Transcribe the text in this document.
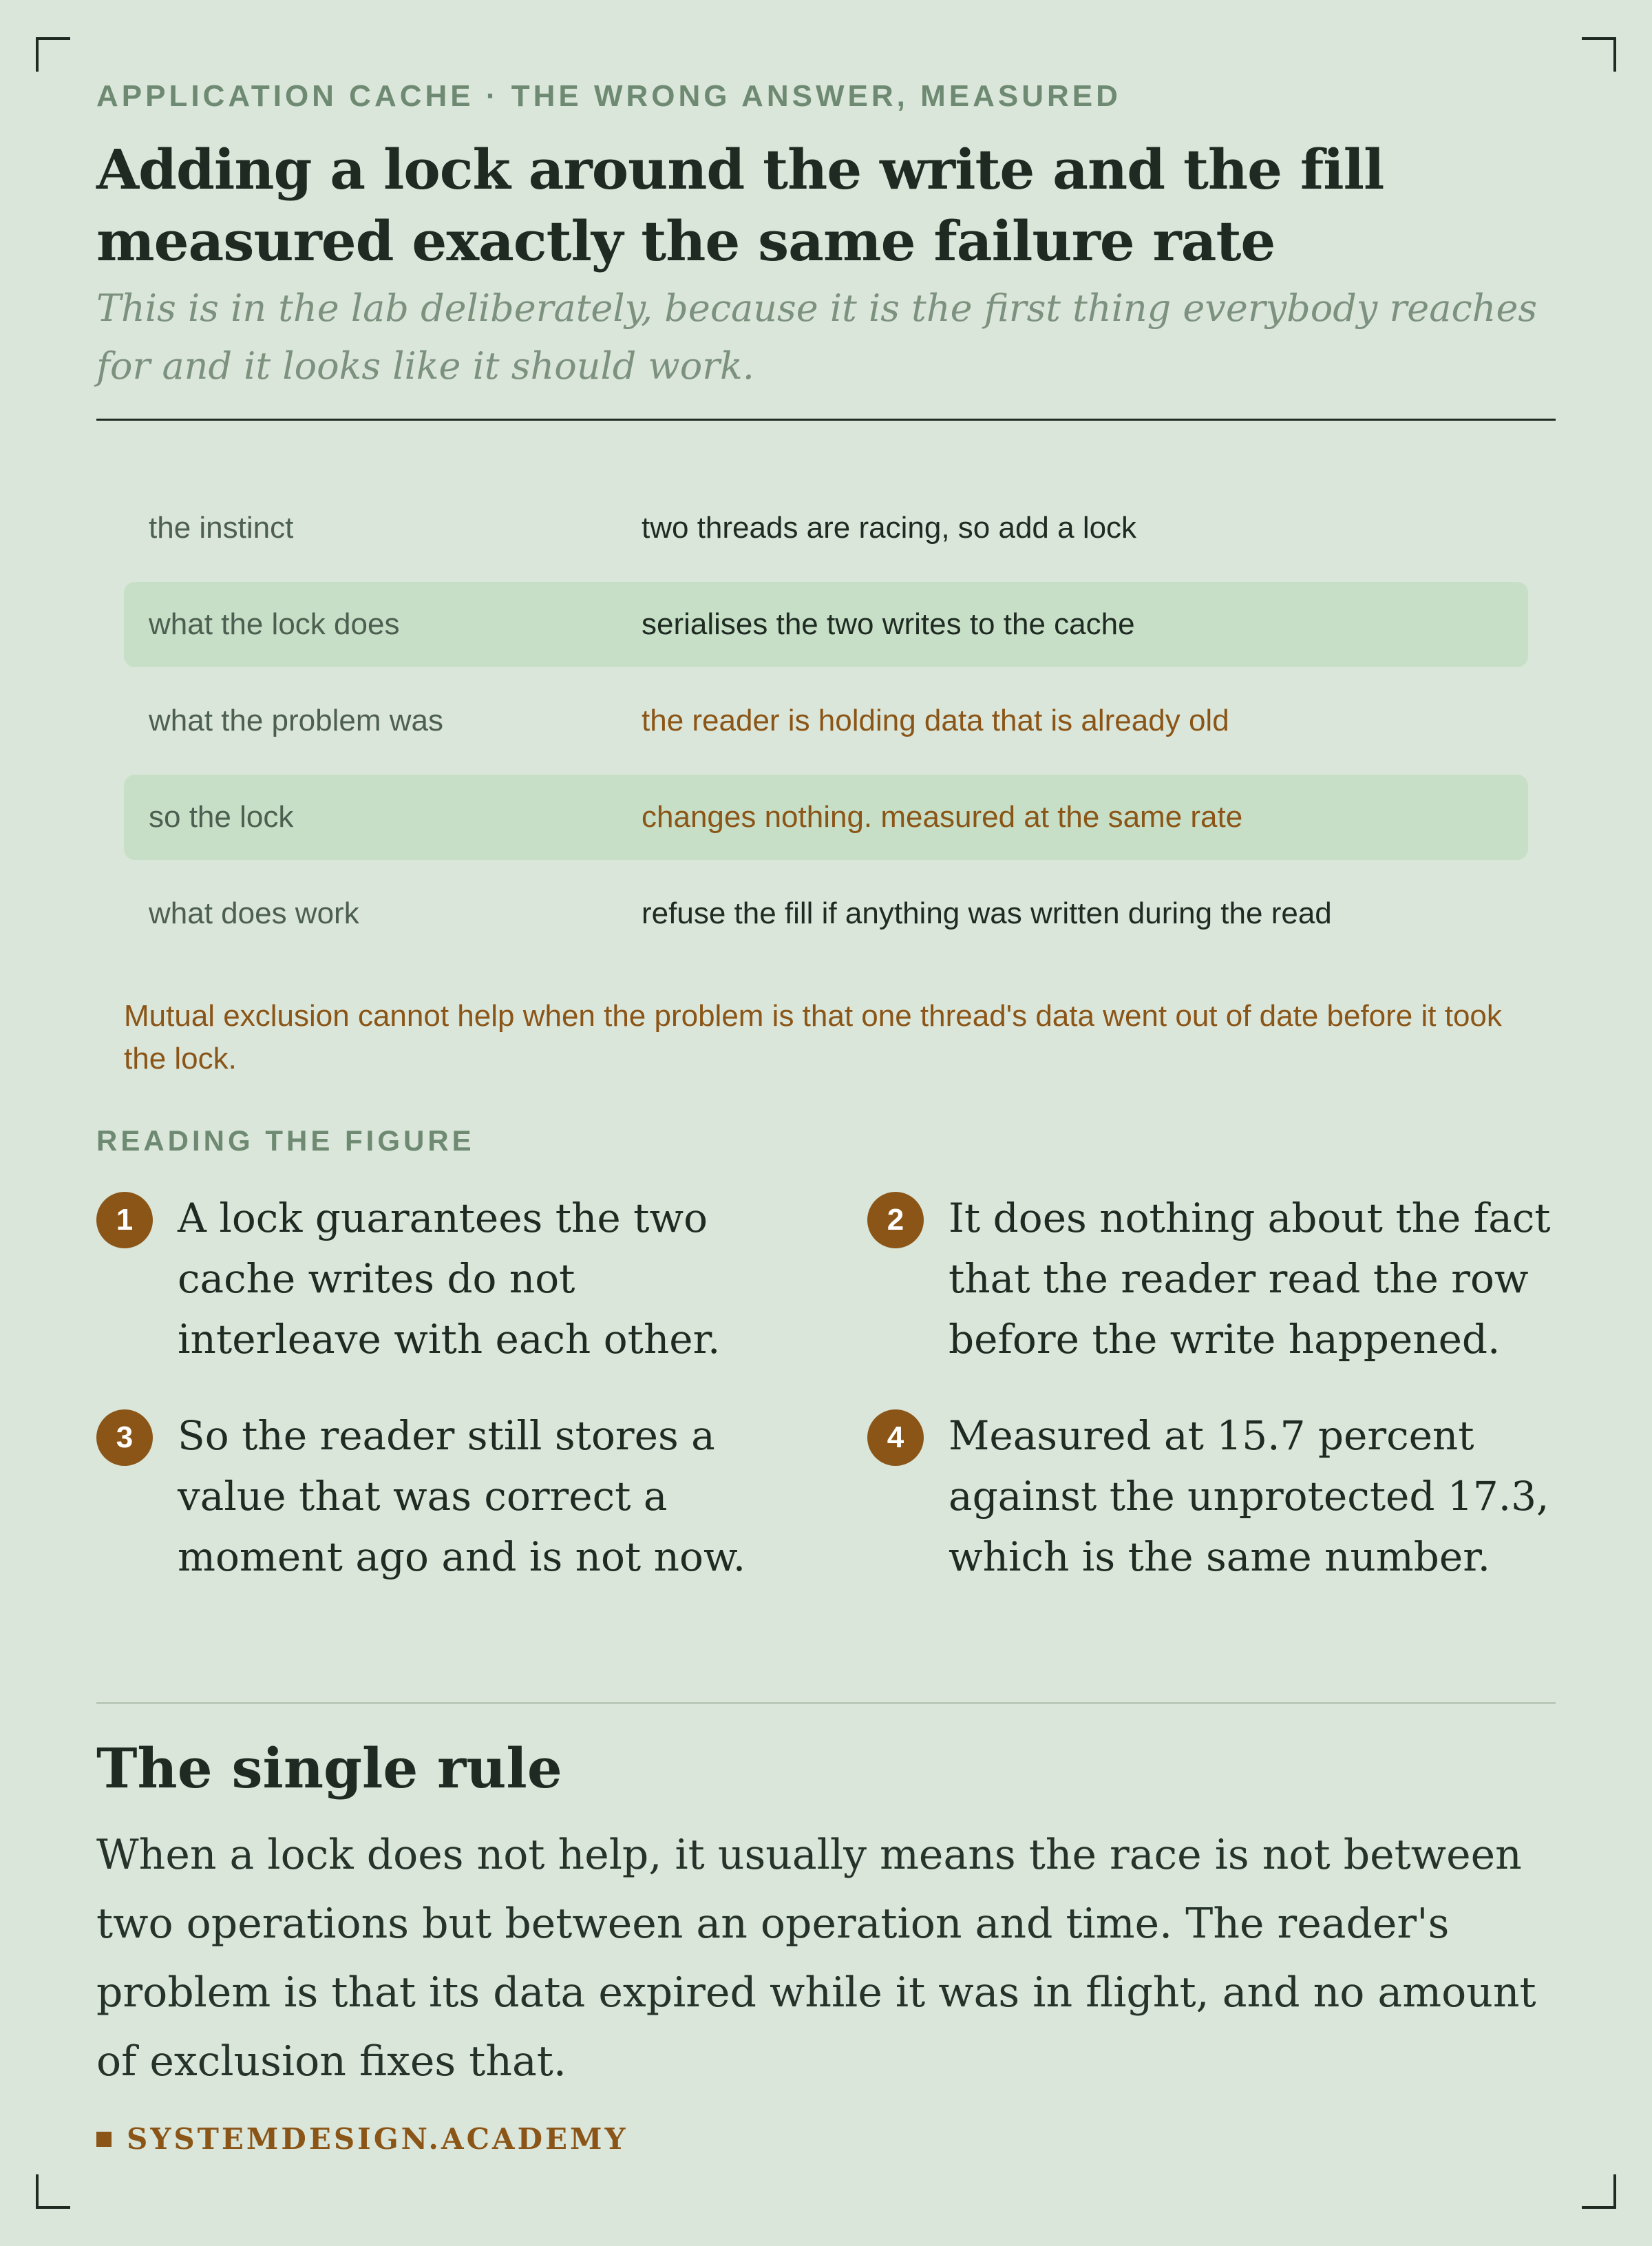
APPLICATION CACHE · THE WRONG ANSWER, MEASURED
Adding a lock around the write and the fill measured exactly the same failure rate
This is in the lab deliberately, because it is the first thing everybody reaches for and it looks like it should work.
the instinct	two threads are racing, so add a lock
what the lock does	serialises the two writes to the cache
what the problem was	the reader is holding data that is already old
so the lock	changes nothing. measured at the same rate
what does work	refuse the fill if anything was written during the read
Mutual exclusion cannot help when the problem is that one thread's data went out of date before it took the lock.
READING THE FIGURE
1	A lock guarantees the two cache writes do not interleave with each other.
2	It does nothing about the fact that the reader read the row before the write happened.
3	So the reader still stores a value that was correct a moment ago and is not now.
4	Measured at 15.7 percent against the unprotected 17.3, which is the same number.
The single rule
When a lock does not help, it usually means the race is not between two operations but between an operation and time. The reader's problem is that its data expired while it was in flight, and no amount of exclusion fixes that.
SYSTEMDESIGN.ACADEMY
